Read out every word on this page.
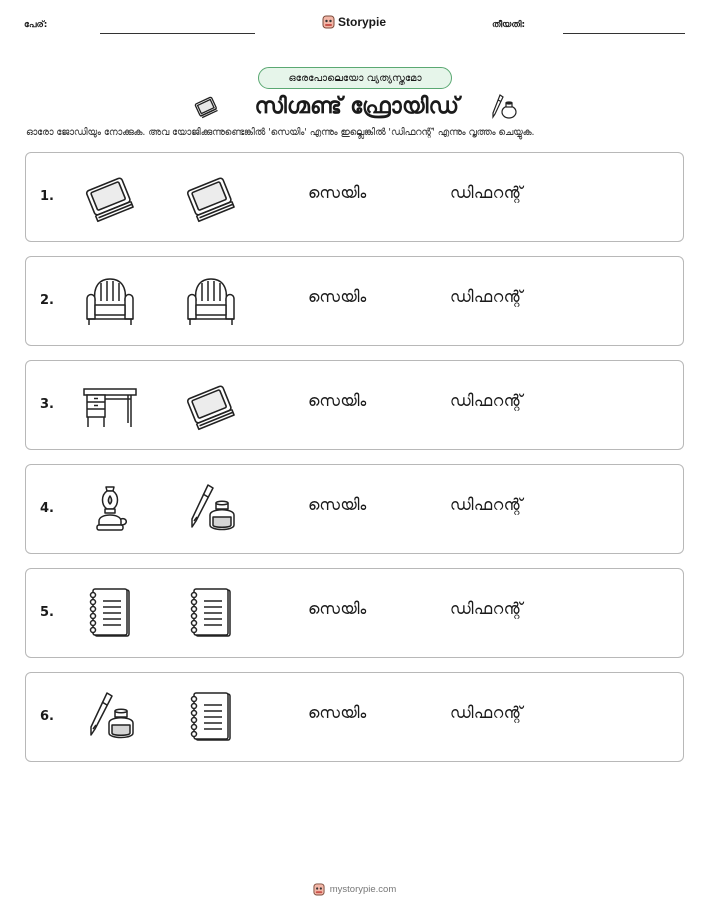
പേര്:	Storypie	തീയതി:
ഒരേപോലെയോ വ്യത്യസ്തമോ
സിഗ്മണ്ട് ഫ്രോയിഡ്
ഓരോ ജോഡിയും നോക്കുക. അവ യോജിക്കുന്നുണ്ടെങ്കിൽ 'സെയിം' എന്നും ഇല്ലെങ്കിൽ 'ഡിഫറന്റ്' എന്നും വൃത്തം ചെയ്യുക.
1.	സെയിം	ഡിഫറന്റ്
2.	സെയിം	ഡിഫറന്റ്
3.	സെയിം	ഡിഫറന്റ്
4.	സെയിം	ഡിഫറന്റ്
5.	സെയിം	ഡിഫറന്റ്
6.	സെയിം	ഡിഫറന്റ്
mystorypie.com
